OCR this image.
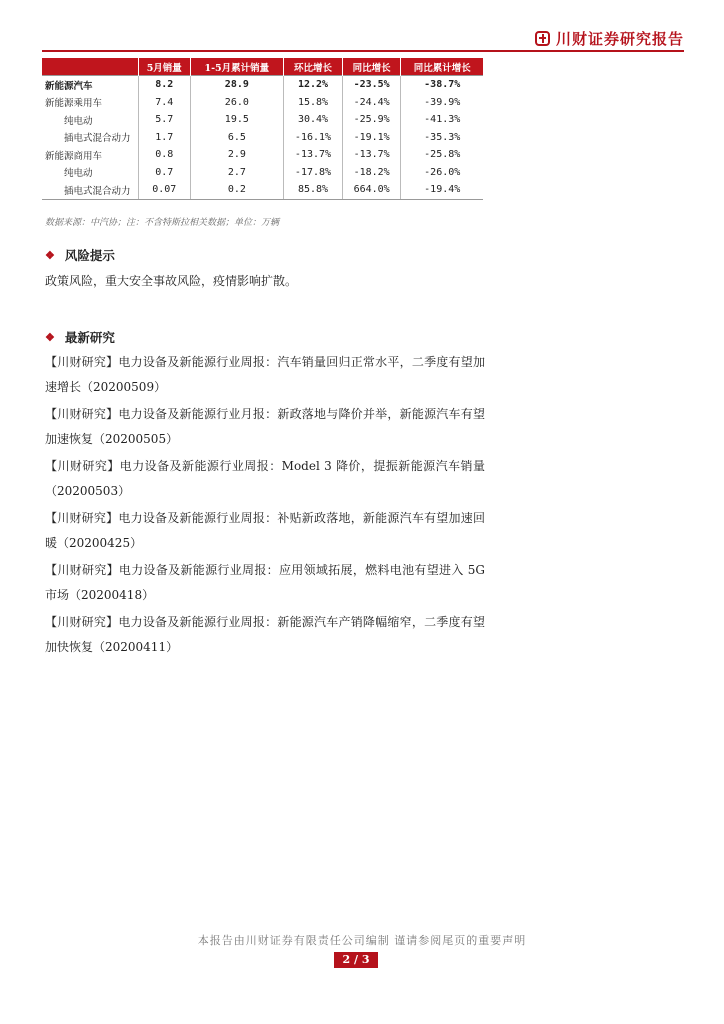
川财证券研究报告
	5月销量	1-5月累计销量	环比增长	同比增长	同比累计增长
新能源汽车	8.2	28.9	12.2%	-23.5%	-38.7%
新能源乘用车	7.4	26.0	15.8%	-24.4%	-39.9%
纯电动	5.7	19.5	30.4%	-25.9%	-41.3%
插电式混合动力	1.7	6.5	-16.1%	-19.1%	-35.3%
新能源商用车	0.8	2.9	-13.7%	-13.7%	-25.8%
纯电动	0.7	2.7	-17.8%	-18.2%	-26.0%
插电式混合动力	0.07	0.2	85.8%	664.0%	-19.4%
数据来源：中汽协；注：不含特斯拉相关数据；单位：万辆
❖ 风险提示
政策风险，重大安全事故风险，疫情影响扩散。
❖ 最新研究
【川财研究】电力设备及新能源行业周报：汽车销量回归正常水平，二季度有望加速增长（20200509）
【川财研究】电力设备及新能源行业月报：新政落地与降价并举，新能源汽车有望加速恢复（20200505）
【川财研究】电力设备及新能源行业周报：Model 3 降价，提振新能源汽车销量（20200503）
【川财研究】电力设备及新能源行业周报：补贴新政落地，新能源汽车有望加速回暖（20200425）
【川财研究】电力设备及新能源行业周报：应用领域拓展，燃料电池有望进入 5G 市场（20200418）
【川财研究】电力设备及新能源行业周报：新能源汽车产销降幅缩窄，二季度有望加快恢复（20200411）
本报告由川财证券有限责任公司编制 谨请参阅尾页的重要声明
2 / 3
